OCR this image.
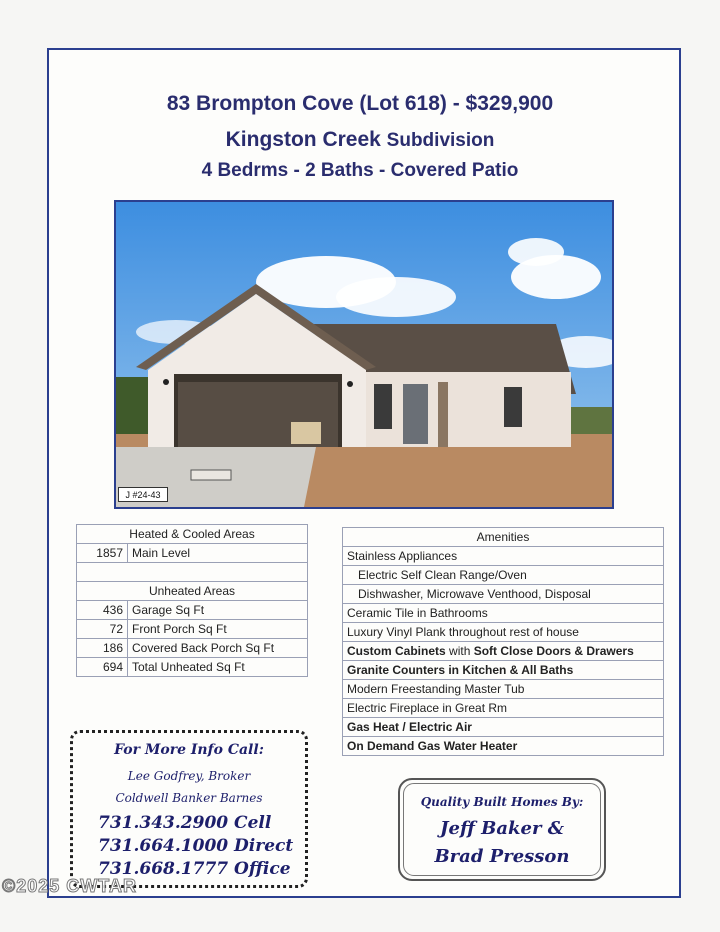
83 Brompton Cove (Lot 618) - $329,900
Kingston Creek Subdivision
4 Bedrms - 2 Baths - Covered Patio
J #24-43
Heated & Cooled Areas	
1857	Main Level

Unheated Areas	
436	Garage Sq Ft
72	Front Porch Sq Ft
186	Covered Back Porch Sq Ft
694	Total Unheated Sq Ft
Amenities
Stainless Appliances
Electric Self Clean Range/Oven
Dishwasher, Microwave Venthood, Disposal
Ceramic Tile in Bathrooms
Luxury Vinyl Plank throughout rest of house
Custom Cabinets with Soft Close Doors & Drawers
Granite Counters in Kitchen & All Baths
Modern Freestanding Master Tub
Electric Fireplace in Great Rm
Gas Heat / Electric Air
On Demand Gas Water Heater
For More Info Call:
Lee Godfrey, Broker
Coldwell Banker Barnes
731.343.2900 Cell
731.664.1000 Direct
731.668.1777 Office
Quality Built Homes By:
Jeff Baker &
Brad Presson
©2025 CWTAR
